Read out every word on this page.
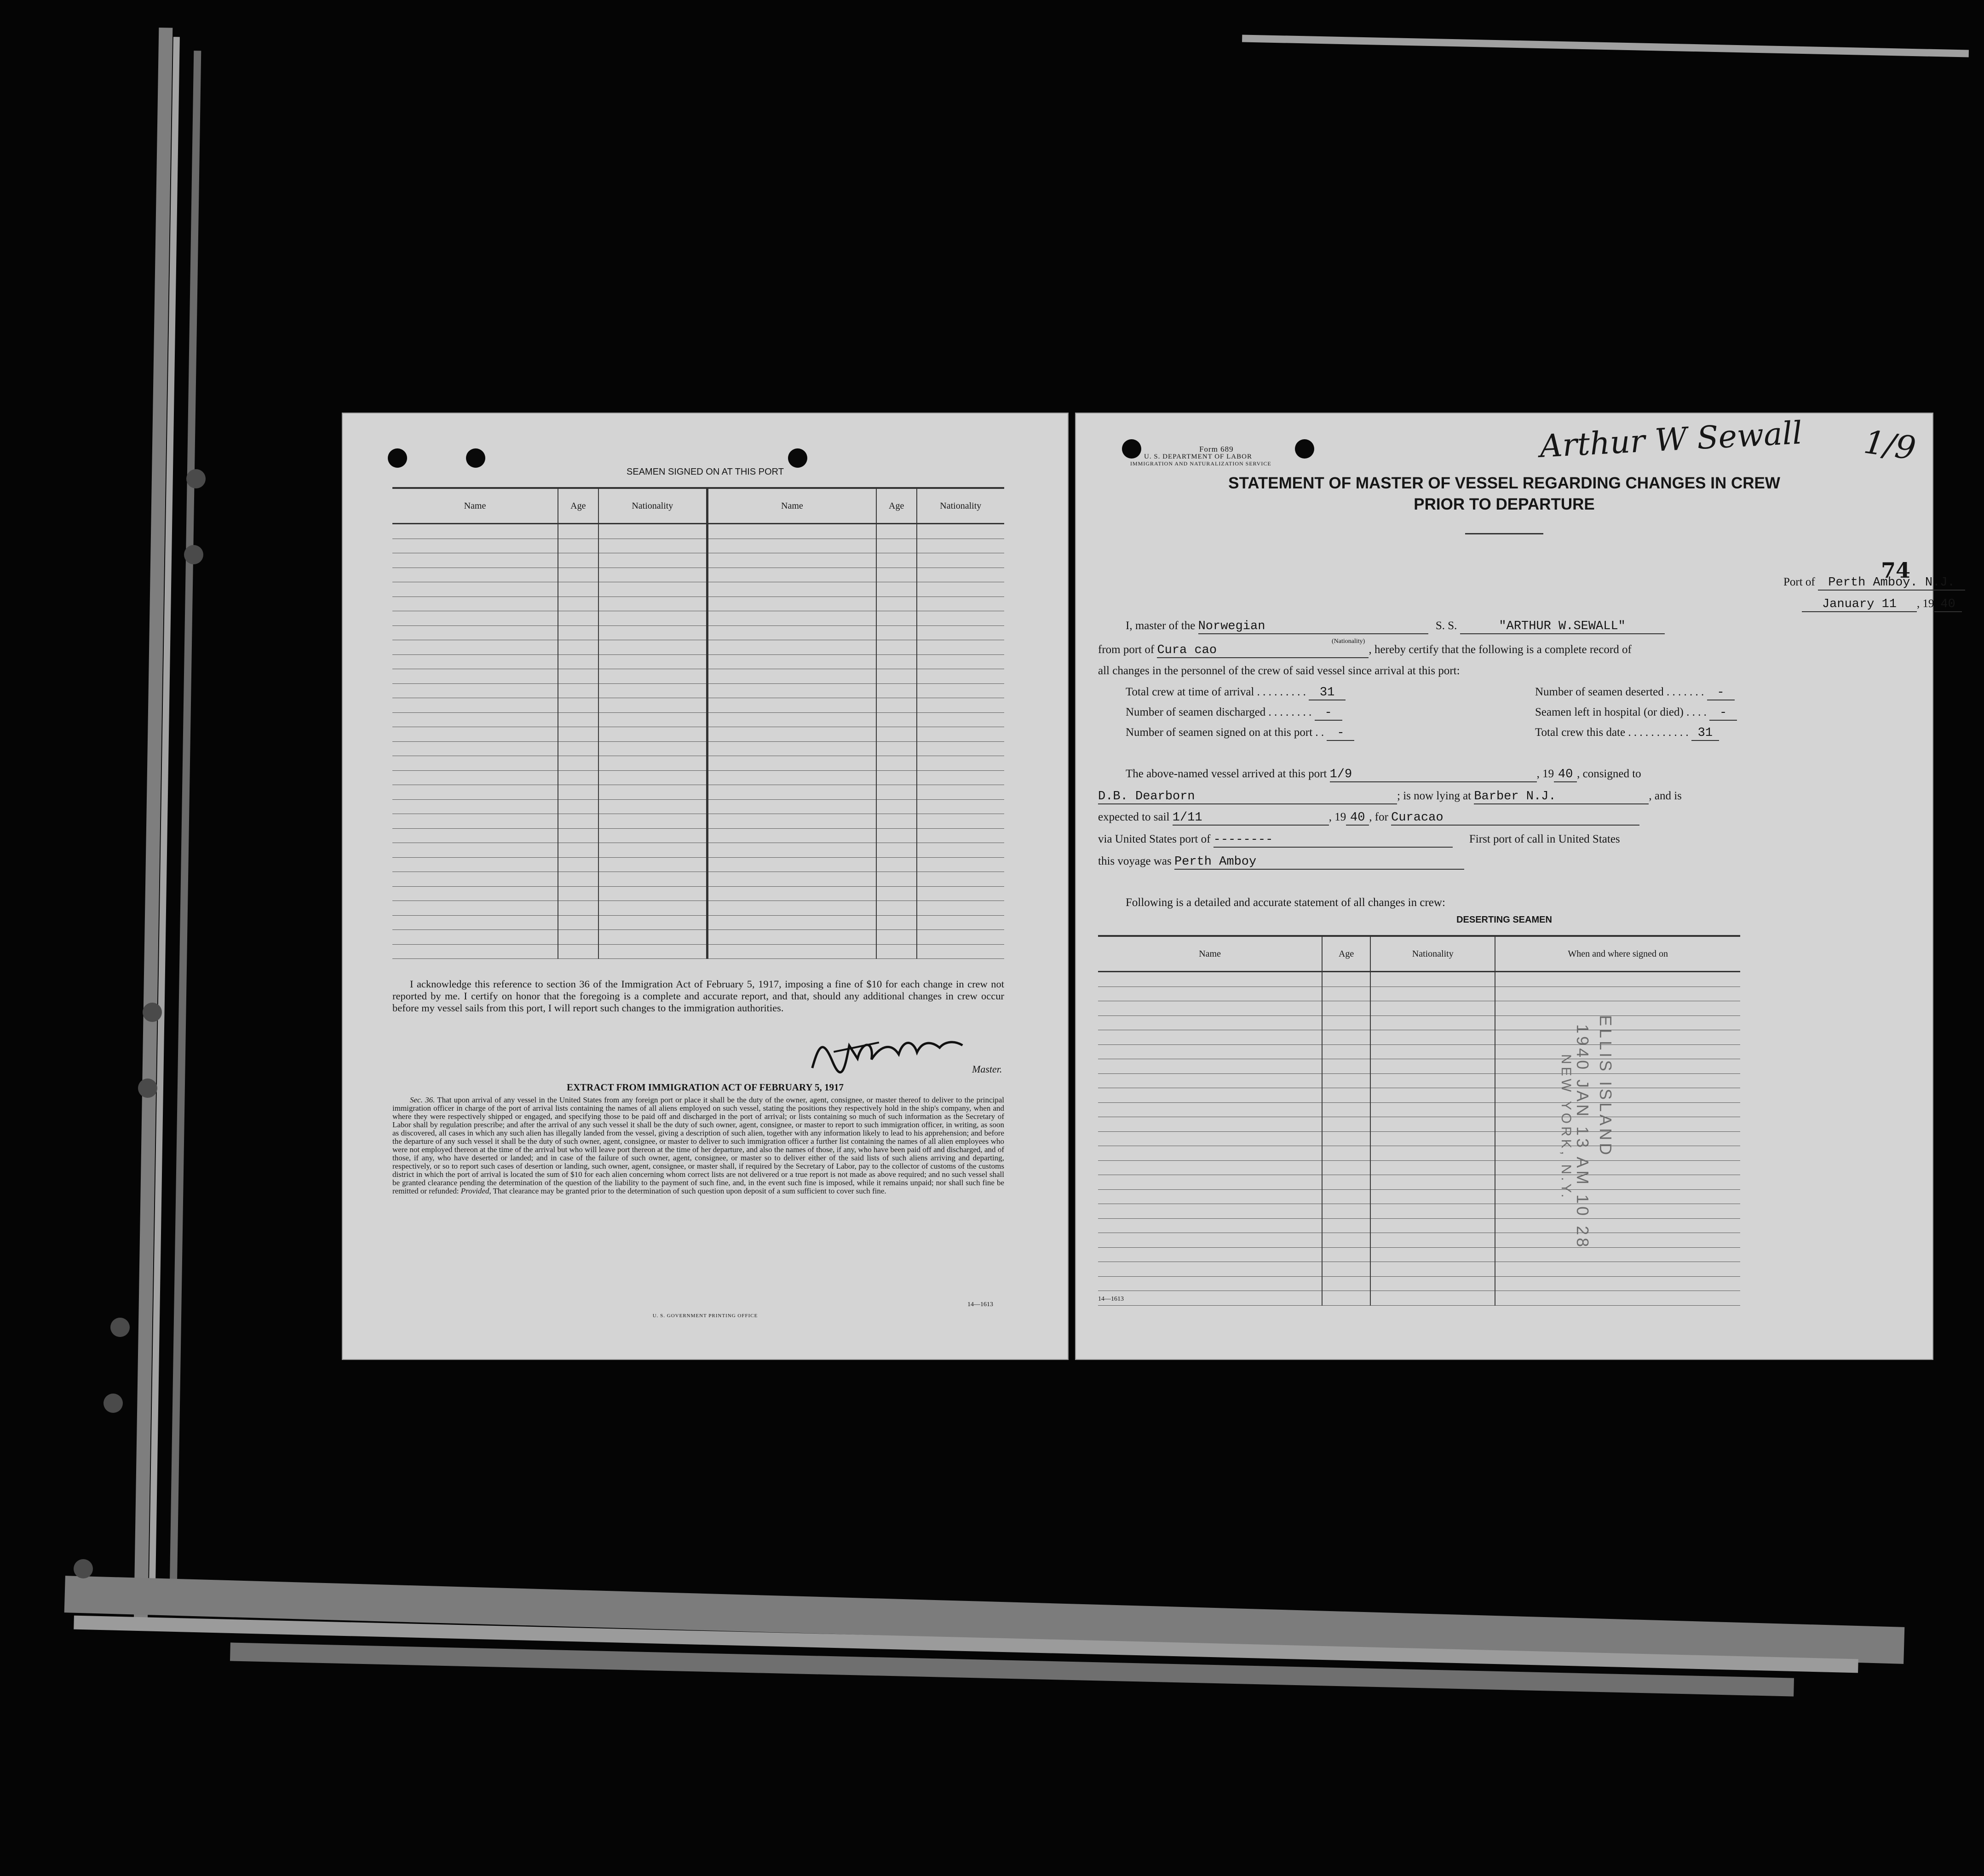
SEAMEN SIGNED ON AT THIS PORT
Name	Age	Nationality	Name	Age	Nationality

I acknowledge this reference to section 36 of the Immigration Act of February 5, 1917, imposing a fine of $10 for each change in crew not reported by me. I certify on honor that the foregoing is a complete and accurate report, and that, should any additional changes in crew occur before my vessel sails from this port, I will report such changes to the immigration authorities.
Master.
EXTRACT FROM IMMIGRATION ACT OF FEBRUARY 5, 1917
Sec. 36. That upon arrival of any vessel in the United States from any foreign port or place it shall be the duty of the owner, agent, consignee, or master thereof to deliver to the principal immigration officer in charge of the port of arrival lists containing the names of all aliens employed on such vessel, stating the positions they respectively hold in the ship's company, when and where they were respectively shipped or engaged, and specifying those to be paid off and discharged in the port of arrival; or lists containing so much of such information as the Secretary of Labor shall by regulation prescribe; and after the arrival of any such vessel it shall be the duty of such owner, agent, consignee, or master to report to such immigration officer, in writing, as soon as discovered, all cases in which any such alien has illegally landed from the vessel, giving a description of such alien, together with any information likely to lead to his apprehension; and before the departure of any such vessel it shall be the duty of such owner, agent, consignee, or master to deliver to such immigration officer a further list containing the names of all alien employees who were not employed thereon at the time of the arrival but who will leave port thereon at the time of her departure, and also the names of those, if any, who have been paid off and discharged, and of those, if any, who have deserted or landed; and in case of the failure of such owner, agent, consignee, or master so to deliver either of the said lists of such aliens arriving and departing, respectively, or so to report such cases of desertion or landing, such owner, agent, consignee, or master shall, if required by the Secretary of Labor, pay to the collector of customs of the customs district in which the port of arrival is located the sum of $10 for each alien concerning whom correct lists are not delivered or a true report is not made as above required; and no such vessel shall be granted clearance pending the determination of the question of the liability to the payment of such fine, and, in the event such fine is imposed, while it remains unpaid; nor shall such fine be remitted or refunded: Provided, That clearance may be granted prior to the determination of such question upon deposit of a sum sufficient to cover such fine.
U. S. GOVERNMENT PRINTING OFFICE
14—1613
Form 689
U. S. DEPARTMENT OF LABOR
IMMIGRATION AND NATURALIZATION SERVICE	Arthur W Sewall 1/9
STATEMENT OF MASTER OF VESSEL REGARDING CHANGES IN CREW
PRIOR TO DEPARTURE
Port of Perth Amboy. N.J.
74
January 11 , 19 40
I, master of the Norwegian	S. S.	"ARTHUR W.SEWALL"
(Nationality)
from port of Cura cao	, hereby certify that the following is a complete record of
all changes in the personnel of the crew of said vessel since arrival at this port:
Total crew at time of arrival . . . . . . . . . 31	Number of seamen deserted . . . . . . . -
Number of seamen discharged . . . . . . . . -	Seamen left in hospital (or died) . . . . -
Number of seamen signed on at this port . . -	Total crew this date . . . . . . . . . . . 31
The above-named vessel arrived at this port 1/9	, 19 40 , consigned to
D.B. Dearborn	; is now lying at Barber N.J.	, and is
expected to sail 1/11	, 19 40 , for Curacao
via United States port of --------	First port of call in United States
this voyage was Perth Amboy
Following is a detailed and accurate statement of all changes in crew:
DESERTING SEAMEN
Name	Age	Nationality	When and where signed on

1940 JAN 13 AM 10 28
NEW YORK, N.Y. ELLIS ISLAND
14—1613
